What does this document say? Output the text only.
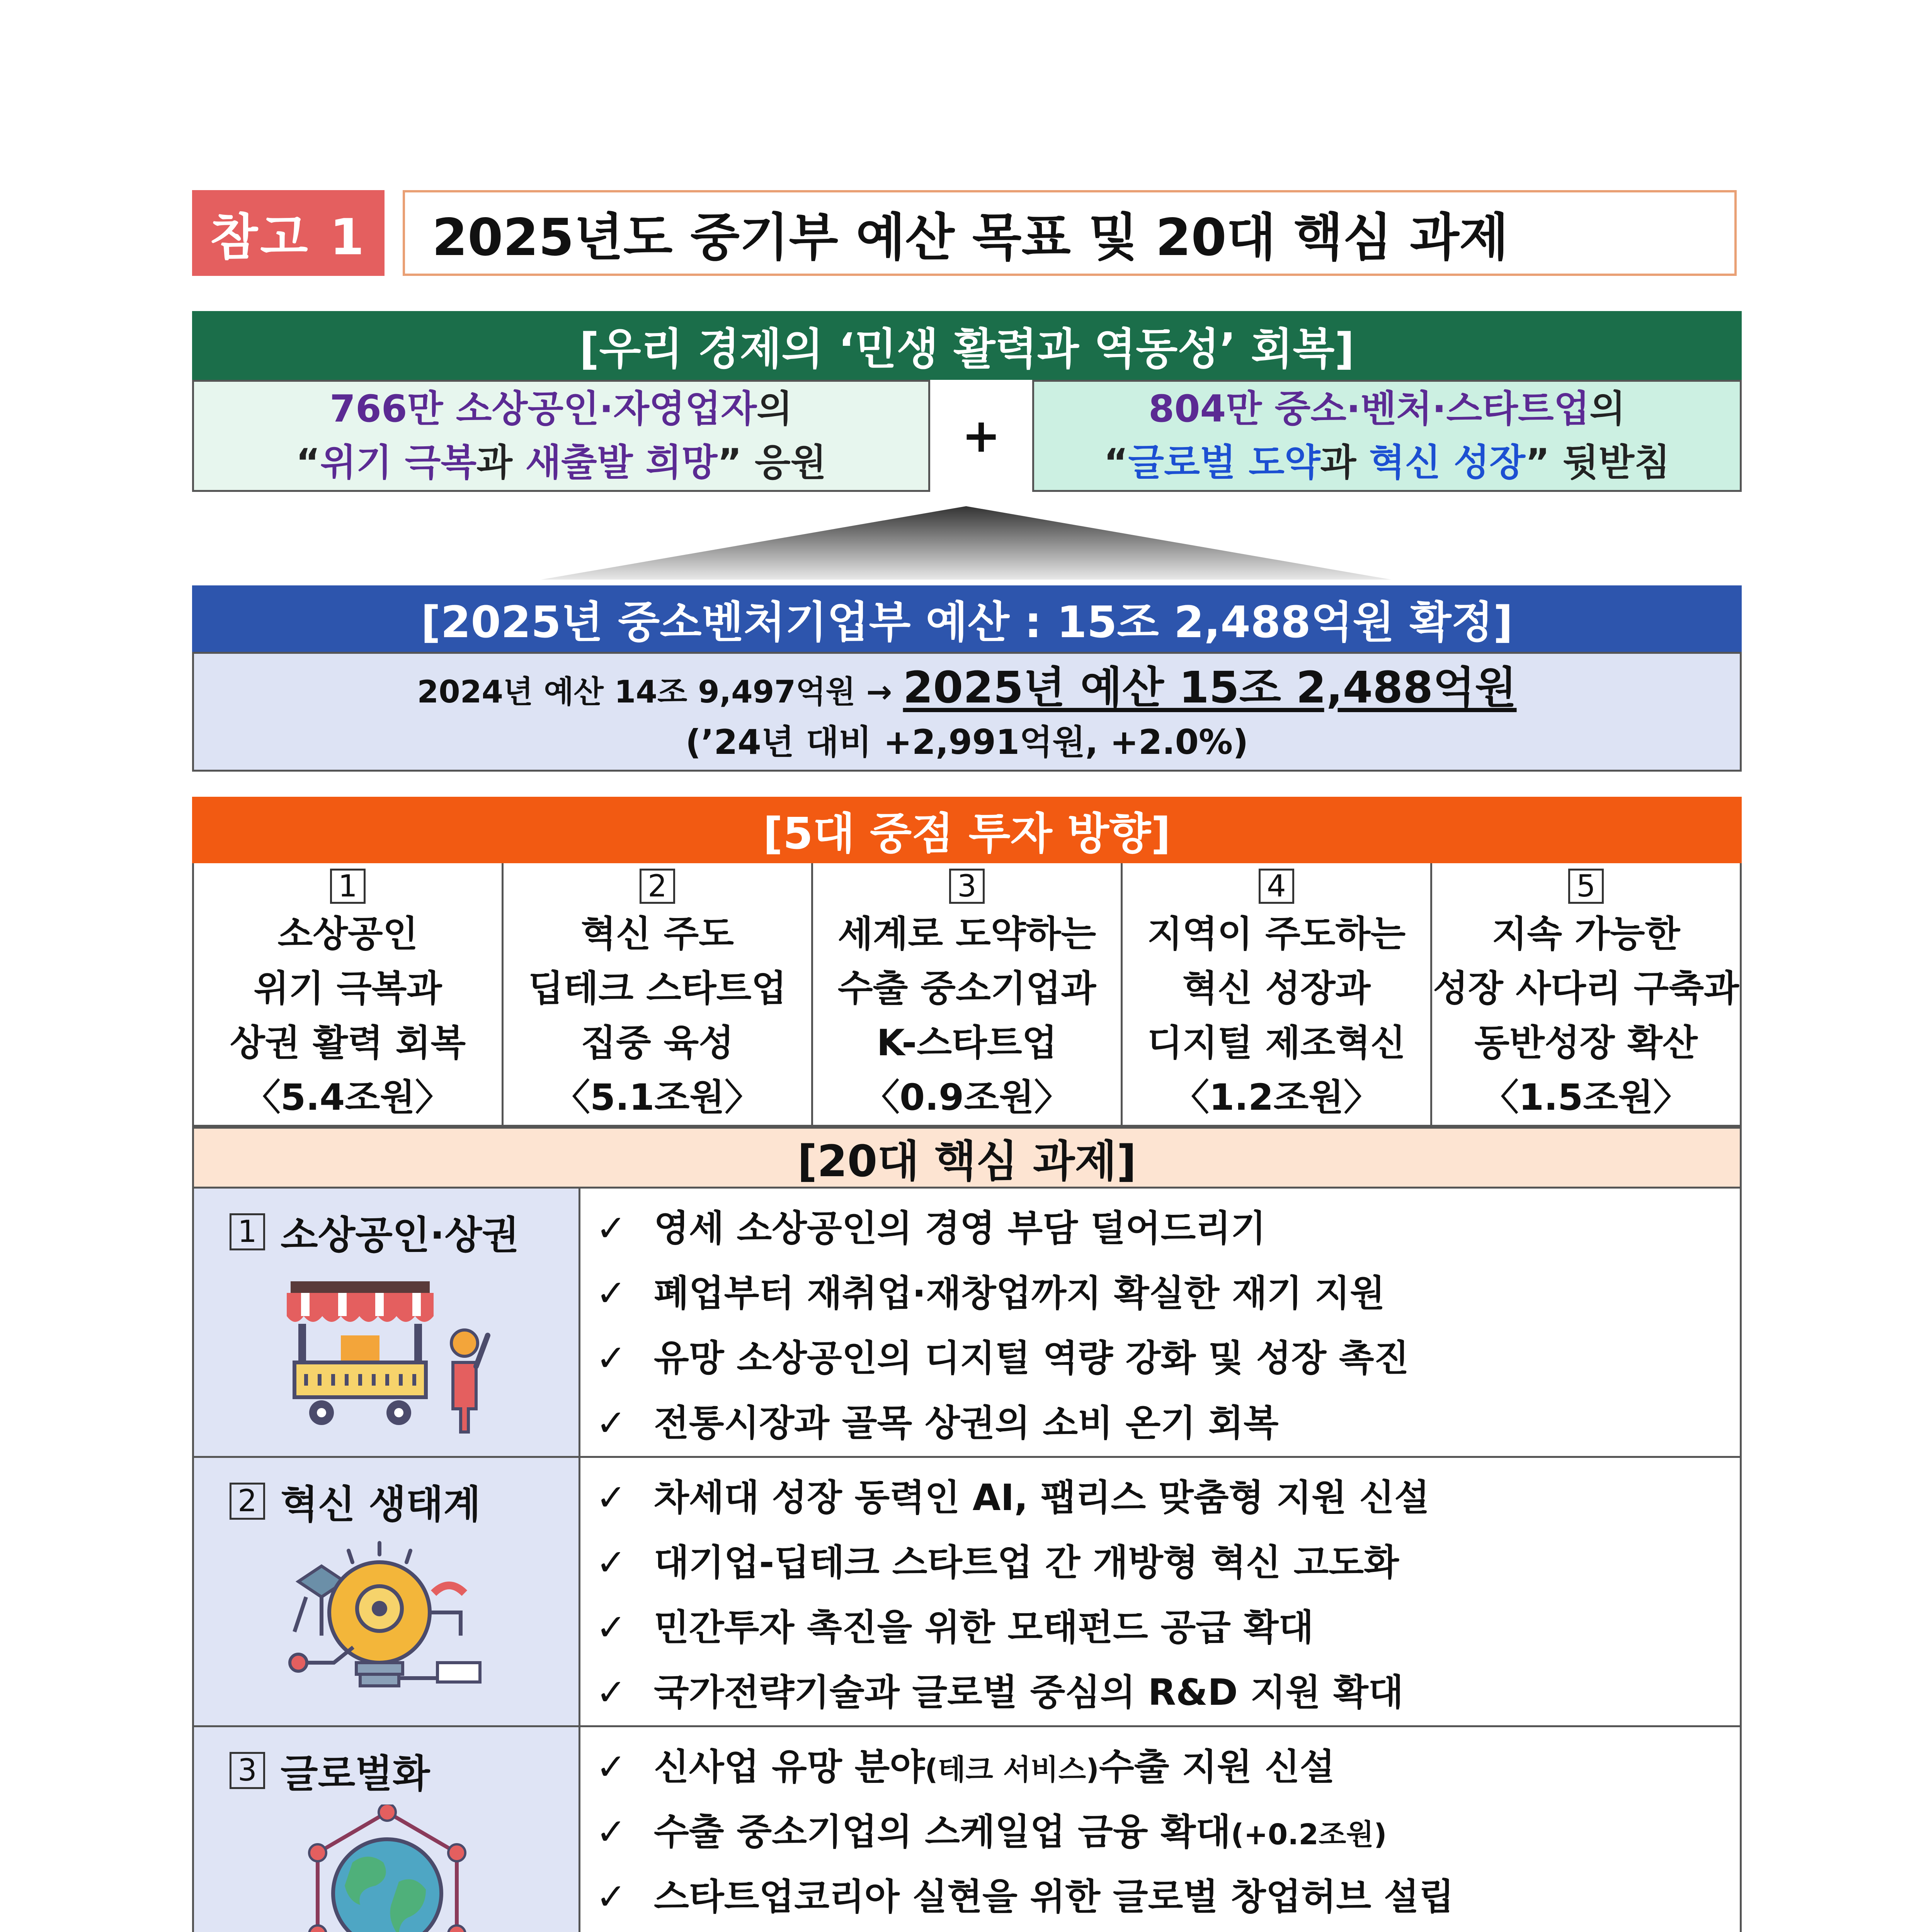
참고 1	2025년도 중기부 예산 목표 및 20대 핵심 과제
[우리 경제의 ‘민생 활력과 역동성’ 회복]
766만 소상공인·자영업자의
“위기 극복과 새출발 희망” 응원	+
804만 중소·벤처·스타트업의
“글로벌 도약과 혁신 성장” 뒷받침
[2025년 중소벤처기업부 예산 : 15조 2,488억원 확정]
2024년 예산 14조 9,497억원 → 2025년 예산 15조 2,488억원
(’24년 대비 +2,991억원, +2.0%)
[5대 중점 투자 방향]
1
소상공인
위기 극복과
상권 활력 회복
〈5.4조원〉
2
혁신 주도
딥테크 스타트업
집중 육성
〈5.1조원〉
3
세계로 도약하는
수출 중소기업과
K-스타트업
〈0.9조원〉
4
지역이 주도하는
혁신 성장과
디지털 제조혁신
〈1.2조원〉
5
지속 가능한
성장 사다리 구축과
동반성장 확산
〈1.5조원〉
[20대 핵심 과제]
1 소상공인·상권 ✓ 영세 소상공인의 경영 부담 덜어드리기
✓ 폐업부터 재취업·재창업까지 확실한 재기 지원
✓ 유망 소상공인의 디지털 역량 강화 및 성장 촉진
✓ 전통시장과 골목 상권의 소비 온기 회복
2 혁신 생태계	✓ 차세대 성장 동력인 AI, 팹리스 맞춤형 지원 신설
✓ 대기업-딥테크 스타트업 간 개방형 혁신 고도화
✓ 민간투자 촉진을 위한 모태펀드 공급 확대
✓ 국가전략기술과 글로벌 중심의 R&D 지원 확대
3 글로벌화	✓ 신사업 유망 분야 (테크 서비스) 수출 지원 신설
✓ 수출 중소기업의 스케일업 금융 확대 (+0.2조원)
✓ 스타트업코리아 실현을 위한 글로벌 창업허브 설립
